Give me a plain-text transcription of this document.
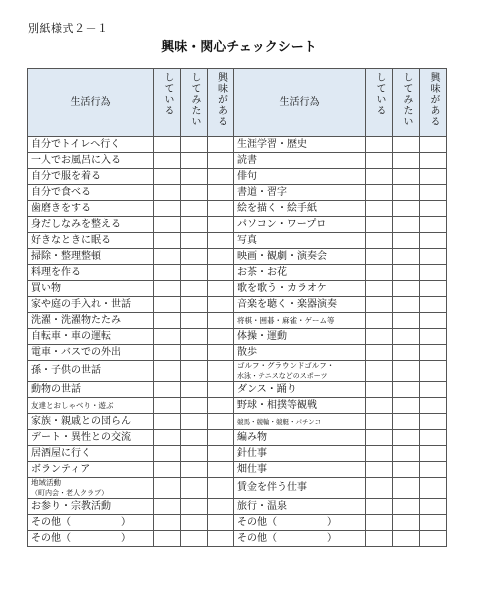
別紙様式２－１
興味・関心チェックシート
生活行為	している	してみたい	興味がある	生活行為	している	してみたい	興味がある
自分でトイレへ行く				生涯学習・歴史			
一人でお風呂に入る				読書			
自分で服を着る				俳句			
自分で食べる				書道・習字			
歯磨きをする				絵を描く・絵手紙			
身だしなみを整える				パソコン・ワープロ			
好きなときに眠る				写真			
掃除・整理整頓				映画・観劇・演奏会			
料理を作る				お茶・お花			
買い物				歌を歌う・カラオケ			
家や庭の手入れ・世話				音楽を聴く・楽器演奏			
洗濯・洗濯物たたみ				将棋・囲碁・麻雀・ゲーム等			
自転車・車の運転				体操・運動			
電車・バスでの外出				散歩			
孫・子供の世話				ゴルフ・グラウンドゴルフ・
水泳・テニスなどのスポーツ			

動物の世話				ダンス・踊り			
友達とおしゃべり・遊ぶ				野球・相撲等観戦			
家族・親戚との団らん				競馬・競輪・競艇・パチンコ			
デート・異性との交流				編み物			
居酒屋に行く				針仕事			
ボランティア				畑仕事			

地域活動
（町内会・老人クラブ）				賃金を伴う仕事			
お参り・宗教活動				旅行・温泉			
その他（　　　　　）				その他（　　　　　）			
その他（　　　　　）				その他（　　　　　）			
